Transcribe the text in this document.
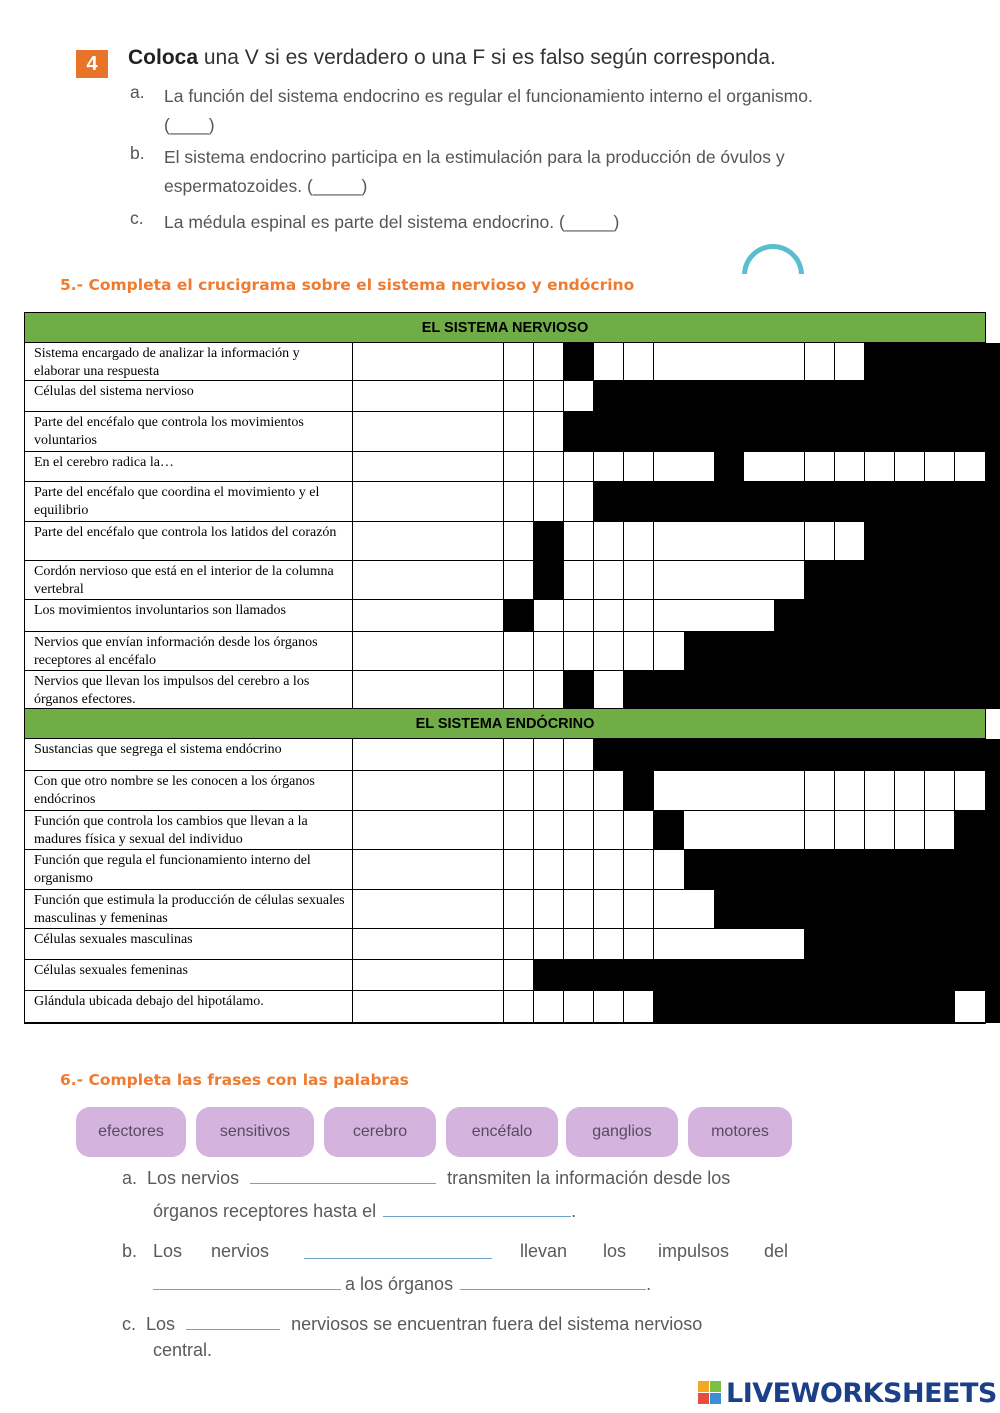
4	Coloca una V si es verdadero o una F si es falso según corresponda.
a. La función del sistema endocrino es regular el funcionamiento interno el organismo.
(____)
b. El sistema endocrino participa en la estimulación para la producción de óvulos y
espermatozoides. (_____)
c. La médula espinal es parte del sistema endocrino. (_____)
5.- Completa el crucigrama sobre el sistema nervioso y endócrino
EL SISTEMA NERVIOSO
Sistema encargado de analizar la información y elaborar una respuesta
Células del sistema nervioso
Parte del encéfalo que controla los movimientos voluntarios
En el cerebro radica la…
Parte del encéfalo que coordina el movimiento y el equilibrio
Parte del encéfalo que controla los latidos del corazón
Cordón nervioso que está en el interior de la columna vertebral
Los movimientos involuntarios son llamados
Nervios que envían información desde los órganos receptores al encéfalo
Nervios que llevan los impulsos del cerebro a los órganos efectores.
EL SISTEMA ENDÓCRINO
Sustancias que segrega el sistema endócrino
Con que otro nombre se les conocen a los órganos endócrinos
Función que controla los cambios que llevan a la madures física y sexual del individuo
Función que regula el funcionamiento interno del organismo
Función que estimula la producción de células sexuales masculinas y femeninas
Células sexuales masculinas
Células sexuales femeninas
Glándula ubicada debajo del hipotálamo.
6.- Completa las frases con las palabras
efectores	sensitivos	cerebro	encéfalo	ganglios	motores
a. Los nervios	transmiten la información desde los
órganos receptores hasta el	.
b. Los nervios	llevan los impulsos del
a los órganos	.
c. Los	nerviosos se encuentran fuera del sistema nervioso
central.
LIVEWORKSHEETS
